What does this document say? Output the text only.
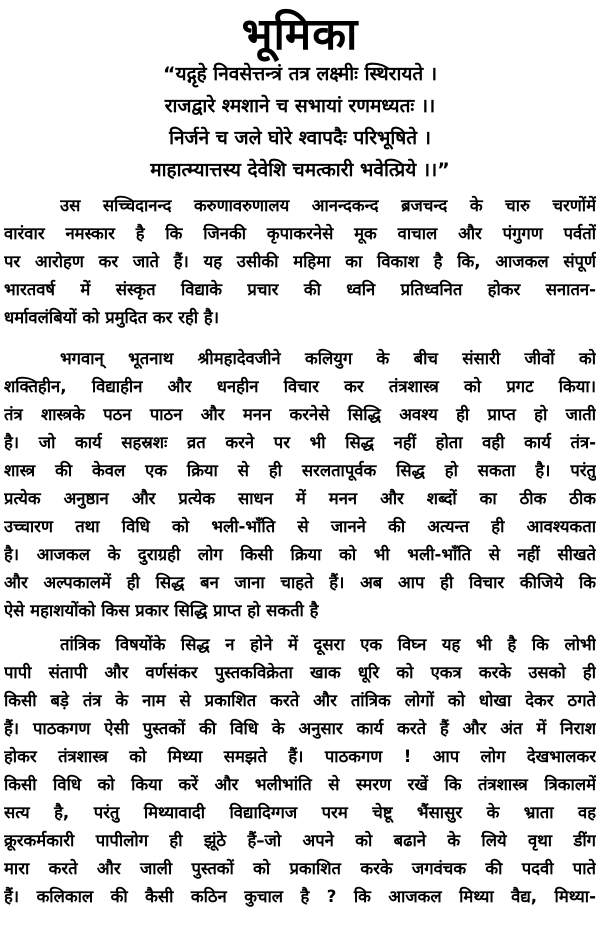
भूमिका
“यद्गृहे निवसेत्तन्त्रं तत्र लक्ष्मीः स्थिरायते ।
राजद्वारे श्मशाने च सभायां रणमध्यतः ।।
निर्जने च जले घोरे श्वापदैः परिभूषिते ।
माहात्म्यात्तस्य देवेशि चमत्कारी भवेत्प्रिये ।।”
उस सच्चिदानन्द करुणावरुणालय आनन्दकन्द ब्रजचन्द के चारु चरणोंमें
वारंवार नमस्कार है कि जिनकी कृपाकरनेसे मूक वाचाल और पंगुगण पर्वतों
पर आरोहण कर जाते हैं। यह उसीकी महिमा का विकाश है कि, आजकल संपूर्ण
भारतवर्ष में संस्कृत विद्याके प्रचार की ध्वनि प्रतिध्वनित होकर सनातन-
धर्मावलंबियों को प्रमुदित कर रही है।
भगवान् भूतनाथ श्रीमहादेवजीने कलियुग के बीच संसारी जीवों को
शक्तिहीन, विद्याहीन और धनहीन विचार कर तंत्रशास्त्र को प्रगट किया।
तंत्र शास्त्रके पठन पाठन और मनन करनेसे सिद्धि अवश्य ही प्राप्त हो जाती
है। जो कार्य सहस्रशः व्रत करने पर भी सिद्ध नहीं होता वही कार्य तंत्र-
शास्त्र की केवल एक क्रिया से ही सरलतापूर्वक सिद्ध हो सकता है। परंतु
प्रत्येक अनुष्ठान और प्रत्येक साधन में मनन और शब्दों का ठीक ठीक
उच्चारण तथा विधि को भली-भाँति से जानने की अत्यन्त ही आवश्यकता
है। आजकल के दुराग्रही लोग किसी क्रिया को भी भली-भाँति से नहीं सीखते
और अल्पकालमें ही सिद्ध बन जाना चाहते हैं। अब आप ही विचार कीजिये कि
ऐसे महाशयोंको किस प्रकार सिद्धि प्राप्त हो सकती है
तांत्रिक विषयोंके सिद्ध न होने में दूसरा एक विघ्न यह भी है कि लोभी
पापी संतापी और वर्णसंकर पुस्तकविक्रेता खाक धूरि को एकत्र करके उसको ही
किसी बड़े तंत्र के नाम से प्रकाशित करते और तांत्रिक लोगों को धोखा देकर ठगते
हैं। पाठकगण ऐसी पुस्तकों की विधि के अनुसार कार्य करते हैं और अंत में निराश
होकर तंत्रशास्त्र को मिथ्या समझते हैं। पाठकगण ! आप लोग देखभालकर
किसी विधि को किया करें और भलीभांति से स्मरण रखें कि तंत्रशास्त्र त्रिकालमें
सत्य है, परंतु मिथ्यावादी विद्यादिग्गज परम चेष्टू भैंसासुर के भ्राता वह
क्रूरकर्मकारी पापीलोग ही झूंठे हैं–जो अपने को बढाने के लिये वृथा डींग
मारा करते और जाली पुस्तकों को प्रकाशित करके जगवंचक की पदवी पाते
हैं। कलिकाल की कैसी कठिन कुचाल है ? कि आजकल मिथ्या वैद्य, मिथ्या-
